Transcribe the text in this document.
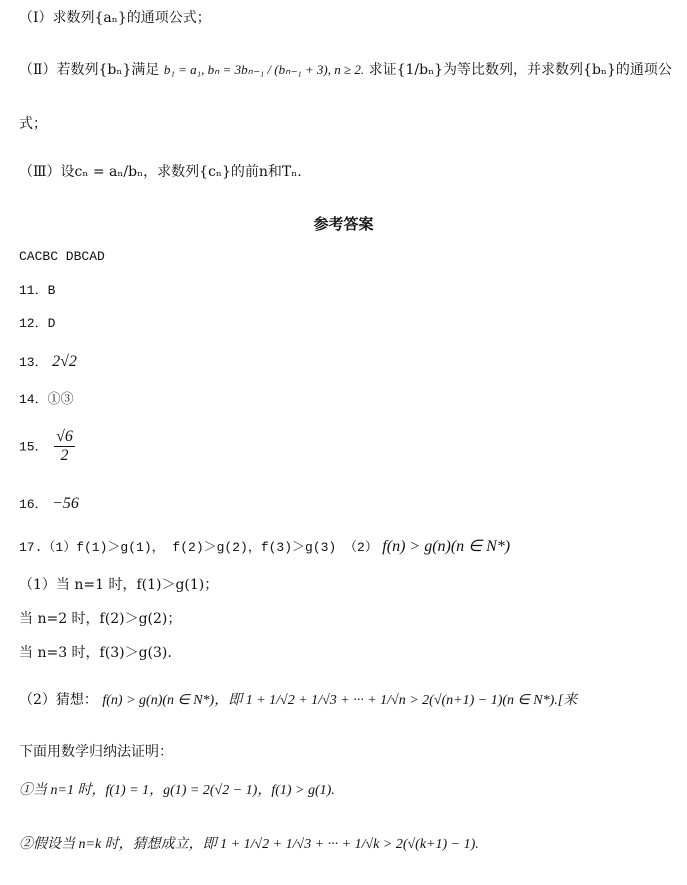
（Ⅰ）求数列{aₙ}的通项公式；
（Ⅱ）若数列{bₙ}满足 b₁ = a₁, bₙ = 3bₙ₋₁ / (bₙ₋₁ + 3), n ≥ 2. 求证{1/bₙ}为等比数列，并求数列{bₙ}的通项公
式；
（Ⅲ）设cₙ = aₙ/bₙ，求数列{cₙ}的前n和Tₙ.
参考答案
CACBC DBCAD
11．B
12．D
13． 2√2
14．①③
15． $\frac{√6}{2}$
16． −56
17.（1）f(1)＞g(1)， f(2)＞g(2)，f(3)＞g(3) （2） f(n) > g(n)(n ∈ N*)
（1）当 n=1 时，f(1)＞g(1)；
当 n=2 时，f(2)＞g(2)；
当 n=3 时，f(3)＞g(3).
（2）猜想： f(n) > g(n)(n ∈ N*)，即 1 + 1/√2 + 1/√3 + ··· + 1/√n > 2(√(n+1) − 1)(n ∈ N*).[来
下面用数学归纳法证明：
①当 n=1 时，f(1) = 1，g(1) = 2(√2 − 1)，f(1) > g(1).
②假设当 n=k 时，猜想成立，即 1 + 1/√2 + 1/√3 + ··· + 1/√k > 2(√(k+1) − 1).
